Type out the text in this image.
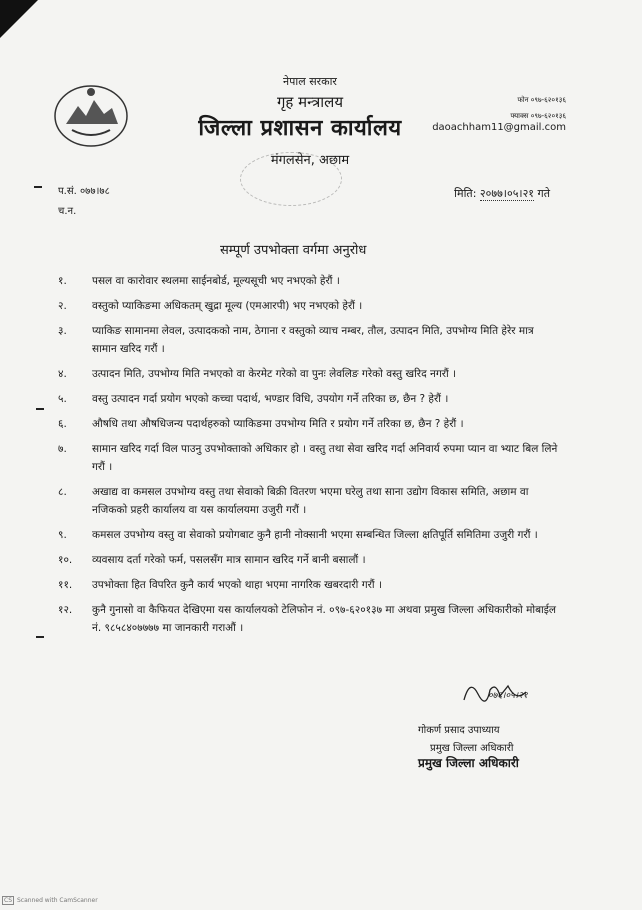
नेपाल सरकार
गृह मन्त्रालय
जिल्ला प्रशासन कार्यालय
मंगलसेन, अछाम
फोन ०९७-६२०१३६
फ्याक्स ०९७-६२०१३६
daoachham11@gmail.com
प.सं. ०७७।७८
च.न.
मिति: २०७७।०५।२१ गते
सम्पूर्ण उपभोक्ता वर्गमा अनुरोध
१.	पसल वा कारोवार स्थलमा साईनबोर्ड, मूल्यसूची भए नभएको हेरौं ।
२.	वस्तुको प्याकिङमा अधिकतम् खुद्रा मूल्य (एमआरपी) भए नभएको हेरौं ।
३.	प्याकिङ सामानमा लेवल, उत्पादकको नाम, ठेगाना र वस्तुको व्याच नम्बर, तौल, उत्पादन मिति, उपभोग्य मिति हेरेर मात्र सामान खरिद गरौं ।
४.	उत्पादन मिति, उपभोग्य मिति नभएको वा केरमेट गरेको वा पुनः लेवलिङ गरेको वस्तु खरिद नगरौं ।
५.	वस्तु उत्पादन गर्दा प्रयोग भएको कच्चा पदार्थ, भण्डार विधि, उपयोग गर्ने तरिका छ, छैन ? हेरौं ।
६.	औषधि तथा औषधिजन्य पदार्थहरुको प्याकिङमा उपभोग्य मिति र प्रयोग गर्ने तरिका छ, छैन ? हेरौं ।
७.	सामान खरिद गर्दा विल पाउनु उपभोक्ताको अधिकार हो । वस्तु तथा सेवा खरिद गर्दा अनिवार्य रुपमा प्यान वा भ्याट बिल लिने गरौं ।
८.	अखाद्य वा कमसल उपभोग्य वस्तु तथा सेवाको बिक्री वितरण भएमा घरेलु तथा साना उद्योग विकास समिति, अछाम वा नजिकको प्रहरी कार्यालय वा यस कार्यालयमा उजुरी गरौं ।
९.	कमसल उपभोग्य वस्तु वा सेवाको प्रयोगबाट कुनै हानी नोक्सानी भएमा सम्बन्धित जिल्ला क्षतिपूर्ति समितिमा उजुरी गरौं ।
१०.	व्यवसाय दर्ता गरेको फर्म, पसलसँग मात्र सामान खरिद गर्ने बानी बसालौं ।
११.	उपभोक्ता हित विपरित कुनै कार्य भएको थाहा भएमा नागरिक खबरदारी गरौं ।
१२.	कुनै गुनासो वा कैफियत देखिएमा यस कार्यालयको टेलिफोन नं. ०९७-६२०१३७ मा अथवा प्रमुख जिल्ला अधिकारीको मोबाईल नं. ९८५८४०७७७७ मा जानकारी गराऔं ।
०७६।०५।२१
गोकर्ण प्रसाद उपाध्याय
प्रमुख जिल्ला अधिकारी
प्रमुख जिल्ला अधिकारी
CS Scanned with CamScanner
